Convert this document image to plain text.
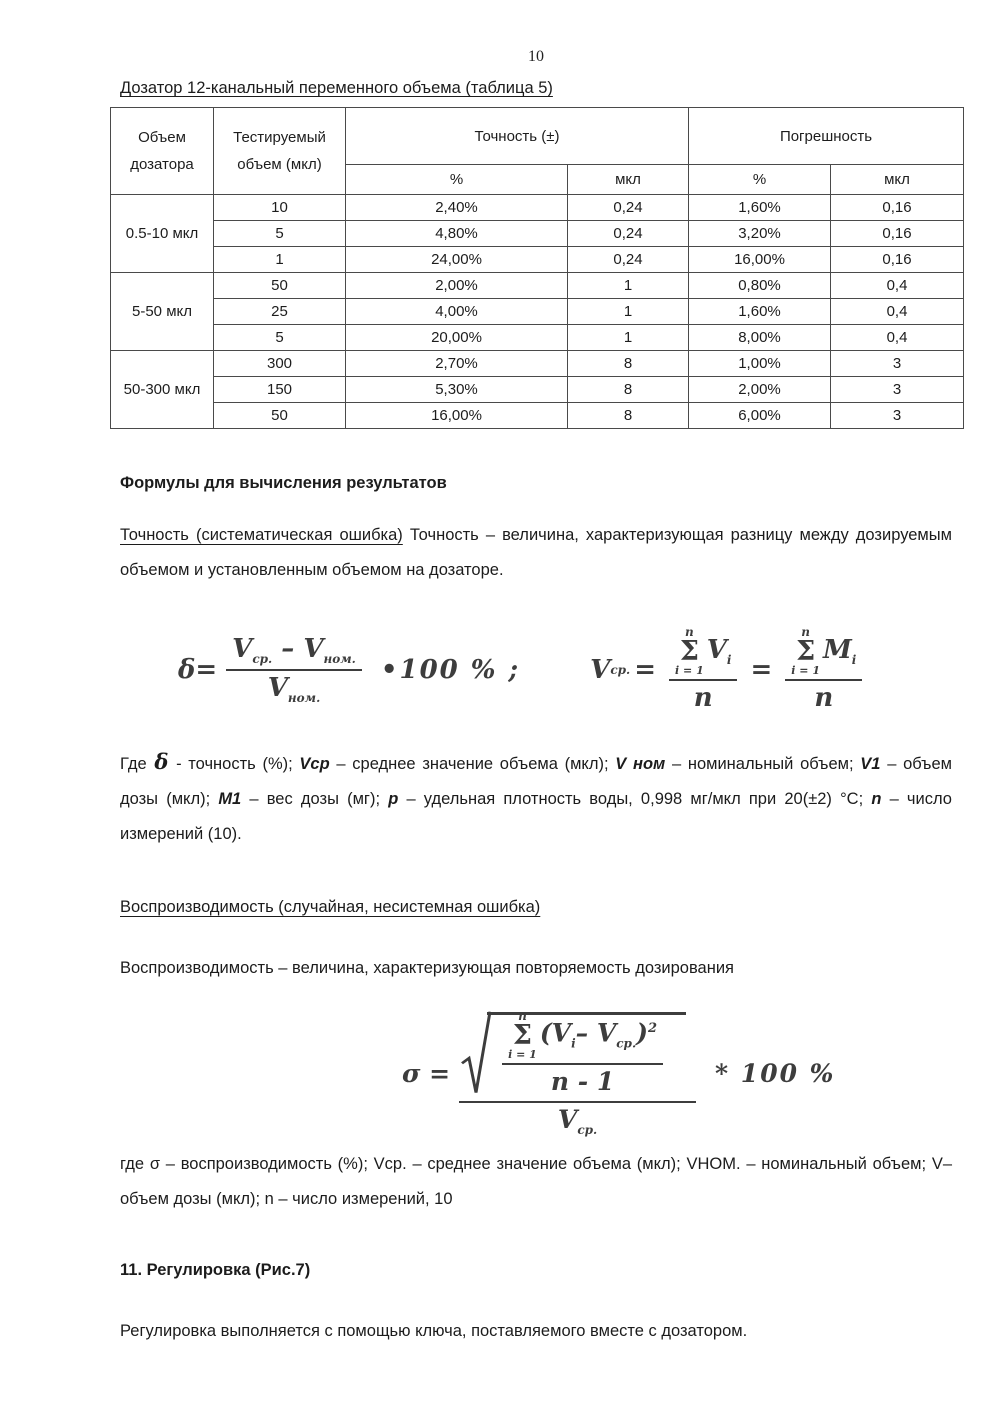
10
Дозатор 12-канальный переменного объема (таблица 5)
Объем дозатора	Тестируемый объем (мкл)	Точность (±)		Погрешность	
		%	мкл	%	мкл
0.5-10 мкл	10	2,40%	0,24	1,60%	0,16
	5	4,80%	0,24	3,20%	0,16
	1	24,00%	0,24	16,00%	0,16
5-50 мкл	50	2,00%	1	0,80%	0,4
	25	4,00%	1	1,60%	0,4
	5	20,00%	1	8,00%	0,4
50-300 мкл	300	2,70%	8	1,00%	3
	150	5,30%	8	2,00%	3
	50	16,00%	8	6,00%	3
Формулы для вычисления результатов

Точность (систематическая ошибка) Точность – величина, характеризующая разницу между дозируемым объемом и установленным объемом на дозаторе.

$\delta= \frac{V_{ср.} - V_{ном.}}{V_{ном.}}$ •100 % ;	V ср. = n
Σ
i = 1
$V_i$
n = n
Σ
i = 1
$M_i$
n

Где δ - точность (%); Vср – среднее значение объема (мкл); V ном – номинальный объем; V1 – объем дозы (мкл); М1 – вес дозы (мг); p – удельная плотность воды, 0,998 мг/мкл при 20(±2) °C; n – число измерений (10).

Воспроизводимость (случайная, несистемная ошибка)

Воспроизводимость – величина, характеризующая повторяемость дозирования

σ = n
Σ
i = 1
($V_i-$ $V_{ср.})^2$
n - 1
$V_{ср.} * 100$ %

где σ – воспроизводимость (%); Vср. – среднее значение объема (мкл); VHOM. – номинальный объем; V– объем дозы (мкл); n – число измерений, 10

11. Регулировка (Рис.7)

Регулировка выполняется с помощью ключа, поставляемого вместе с дозатором.
